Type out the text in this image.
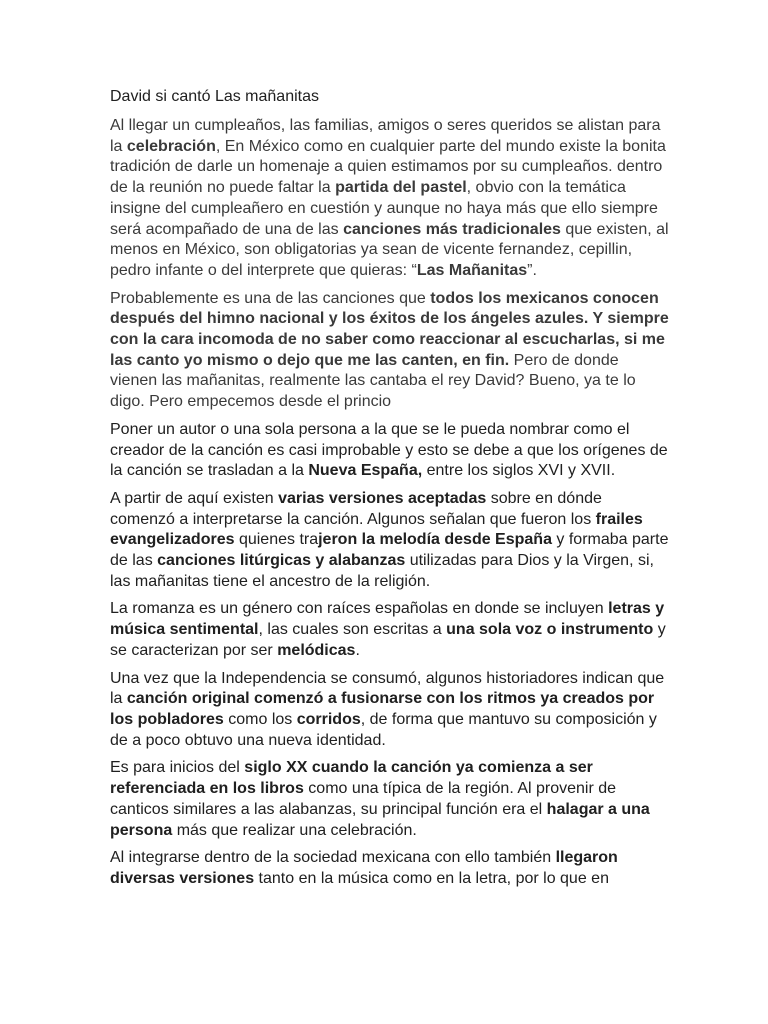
David si cantó Las mañanitas
Al llegar un cumpleaños, las familias, amigos o seres queridos se alistan para la celebración, En México como en cualquier parte del mundo existe la bonita tradición de darle un homenaje a quien estimamos por su cumpleaños. dentro de la reunión no puede faltar la partida del pastel, obvio con la temática insigne del cumpleañero en cuestión y aunque no haya más que ello siempre será acompañado de una de las canciones más tradicionales que existen, al menos en México, son obligatorias ya sean de vicente fernandez, cepillin, pedro infante o del interprete que quieras: “Las Mañanitas”.
Probablemente es una de las canciones que todos los mexicanos conocen después del himno nacional y los éxitos de los ángeles azules. Y siempre con la cara incomoda de no saber como reaccionar al escucharlas, si me las canto yo mismo o dejo que me las canten, en fin. Pero de donde vienen las mañanitas, realmente las cantaba el rey David? Bueno, ya te lo digo. Pero empecemos desde el princio
Poner un autor o una sola persona a la que se le pueda nombrar como el creador de la canción es casi improbable y esto se debe a que los orígenes de la canción se trasladan a la Nueva España, entre los siglos XVI y XVII.
A partir de aquí existen varias versiones aceptadas sobre en dónde comenzó a interpretarse la canción. Algunos señalan que fueron los frailes evangelizadores quienes trajeron la melodía desde España y formaba parte de las canciones litúrgicas y alabanzas utilizadas para Dios y la Virgen, si, las mañanitas tiene el ancestro de la religión.
La romanza es un género con raíces españolas en donde se incluyen letras y música sentimental, las cuales son escritas a una sola voz o instrumento y se caracterizan por ser melódicas.
Una vez que la Independencia se consumó, algunos historiadores indican que la canción original comenzó a fusionarse con los ritmos ya creados por los pobladores como los corridos, de forma que mantuvo su composición y de a poco obtuvo una nueva identidad.
Es para inicios del siglo XX cuando la canción ya comienza a ser referenciada en los libros como una típica de la región. Al provenir de canticos similares a las alabanzas, su principal función era el halagar a una persona más que realizar una celebración.
Al integrarse dentro de la sociedad mexicana con ello también llegaron diversas versiones tanto en la música como en la letra, por lo que en
